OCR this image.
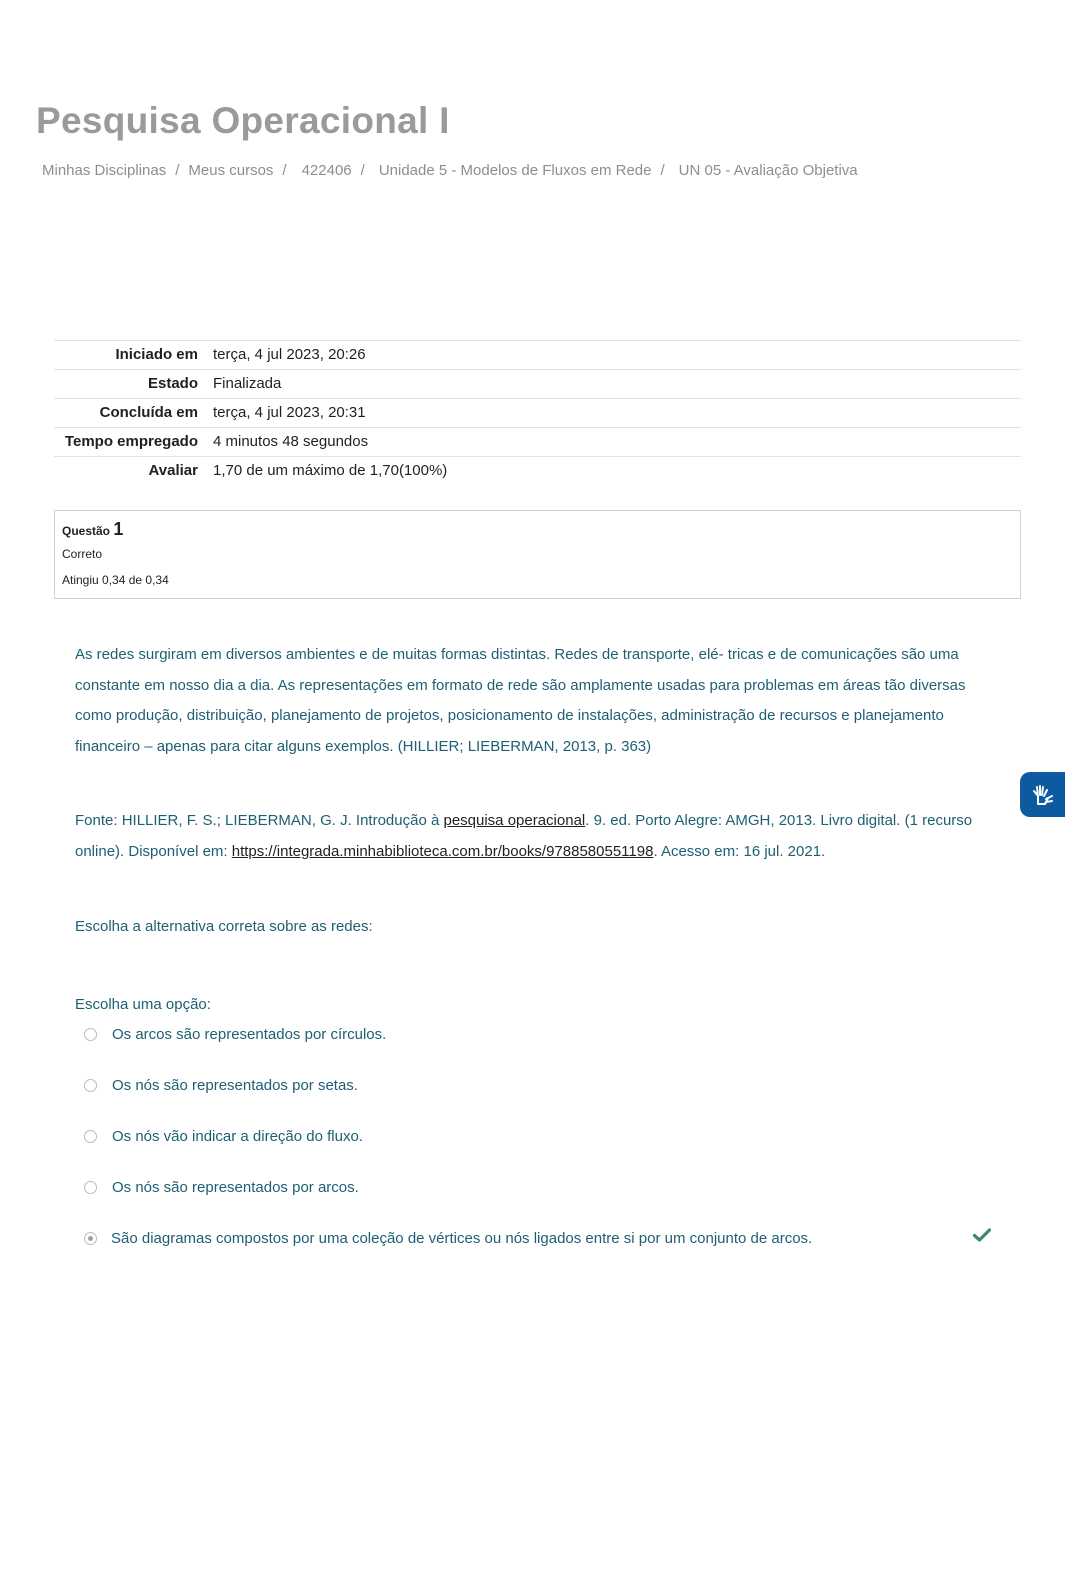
Pesquisa Operacional I
Minhas Disciplinas / Meus cursos / 422406 / Unidade 5 - Modelos de Fluxos em Rede / UN 05 - Avaliação Objetiva
Iniciado em	terça, 4 jul 2023, 20:26
Estado	Finalizada
Concluída em	terça, 4 jul 2023, 20:31
Tempo empregado	4 minutos 48 segundos
Avaliar	1,70 de um máximo de 1,70(100%)
Questão 1
Correto
Atingiu 0,34 de 0,34

As redes surgiram em diversos ambientes e de muitas formas distintas. Redes de transporte, elé- tricas e de comunicações são uma constante em nosso dia a dia. As representações em formato de rede são amplamente usadas para problemas em áreas tão diversas como produção, distribuição, planejamento de projetos, posicionamento de instalações, administração de recursos e planejamento financeiro – apenas para citar alguns exemplos. (HILLIER; LIEBERMAN, 2013, p. 363)

Fonte: HILLIER, F. S.; LIEBERMAN, G. J. Introdução à pesquisa operacional. 9. ed. Porto Alegre: AMGH, 2013. Livro digital. (1 recurso online). Disponível em: https://integrada.minhabiblioteca.com.br/books/9788580551198. Acesso em: 16 jul. 2021.

Escolha a alternativa correta sobre as redes:

Escolha uma opção:
Os arcos são representados por círculos.
Os nós são representados por setas.
Os nós vão indicar a direção do fluxo.
Os nós são representados por arcos.
São diagramas compostos por uma coleção de vértices ou nós ligados entre si por um conjunto de arcos.
